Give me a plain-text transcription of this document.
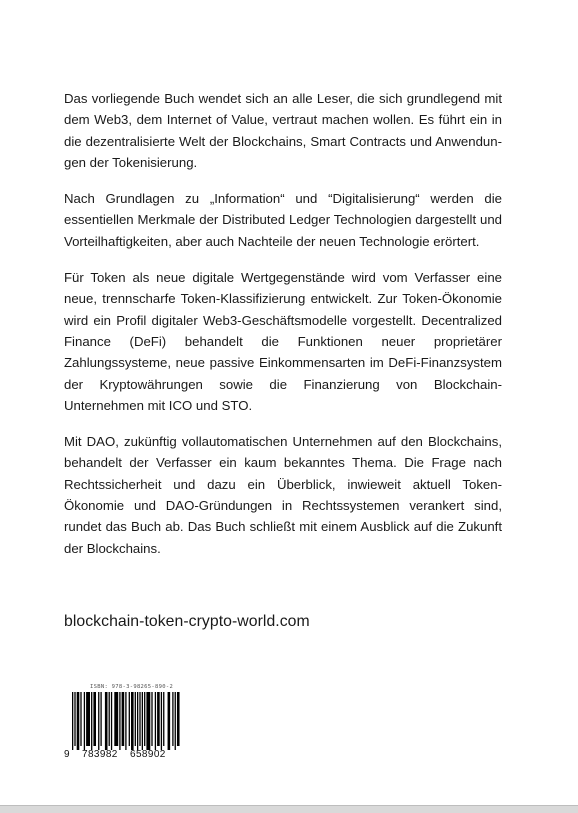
Das vorliegende Buch wendet sich an alle Leser, die sich grundlegend mit dem Web3, dem Internet of Value, vertraut machen wollen. Es führt ein in die dezentralisierte Welt der Blockchains, Smart Contracts und Anwendungen der Tokenisierung.

Nach Grundlagen zu „Information“ und “Digitalisierung“ werden die essentiellen Merkmale der Distributed Ledger Technologien dargestellt und Vorteilhaftigkeiten, aber auch Nachteile der neuen Technologie erörtert.

Für Token als neue digitale Wertgegenstände wird vom Verfasser eine neue, trennscharfe Token-Klassifizierung entwickelt. Zur Token-Ökonomie wird ein Profil digitaler Web3-Geschäftsmodelle vorgestellt. Decentralized Finance (DeFi) behandelt die Funktionen neuer proprietärer Zahlungssysteme, neue passive Einkommensarten im DeFi-Finanzsystem der Kryptowährungen sowie die Finanzierung von Blockchain-Unternehmen mit ICO und STO.

Mit DAO, zukünftig vollautomatischen Unternehmen auf den Blockchains, behandelt der Verfasser ein kaum bekanntes Thema. Die Frage nach Rechtssicherheit und dazu ein Überblick, inwieweit aktuell Token-Ökonomie und DAO-Gründungen in Rechtssystemen verankert sind, rundet das Buch ab. Das Buch schließt mit einem Ausblick auf die Zukunft der Blockchains.

blockchain-token-crypto-world.com
ISBN: 978-3-98265-890-2
9 783982 658902
